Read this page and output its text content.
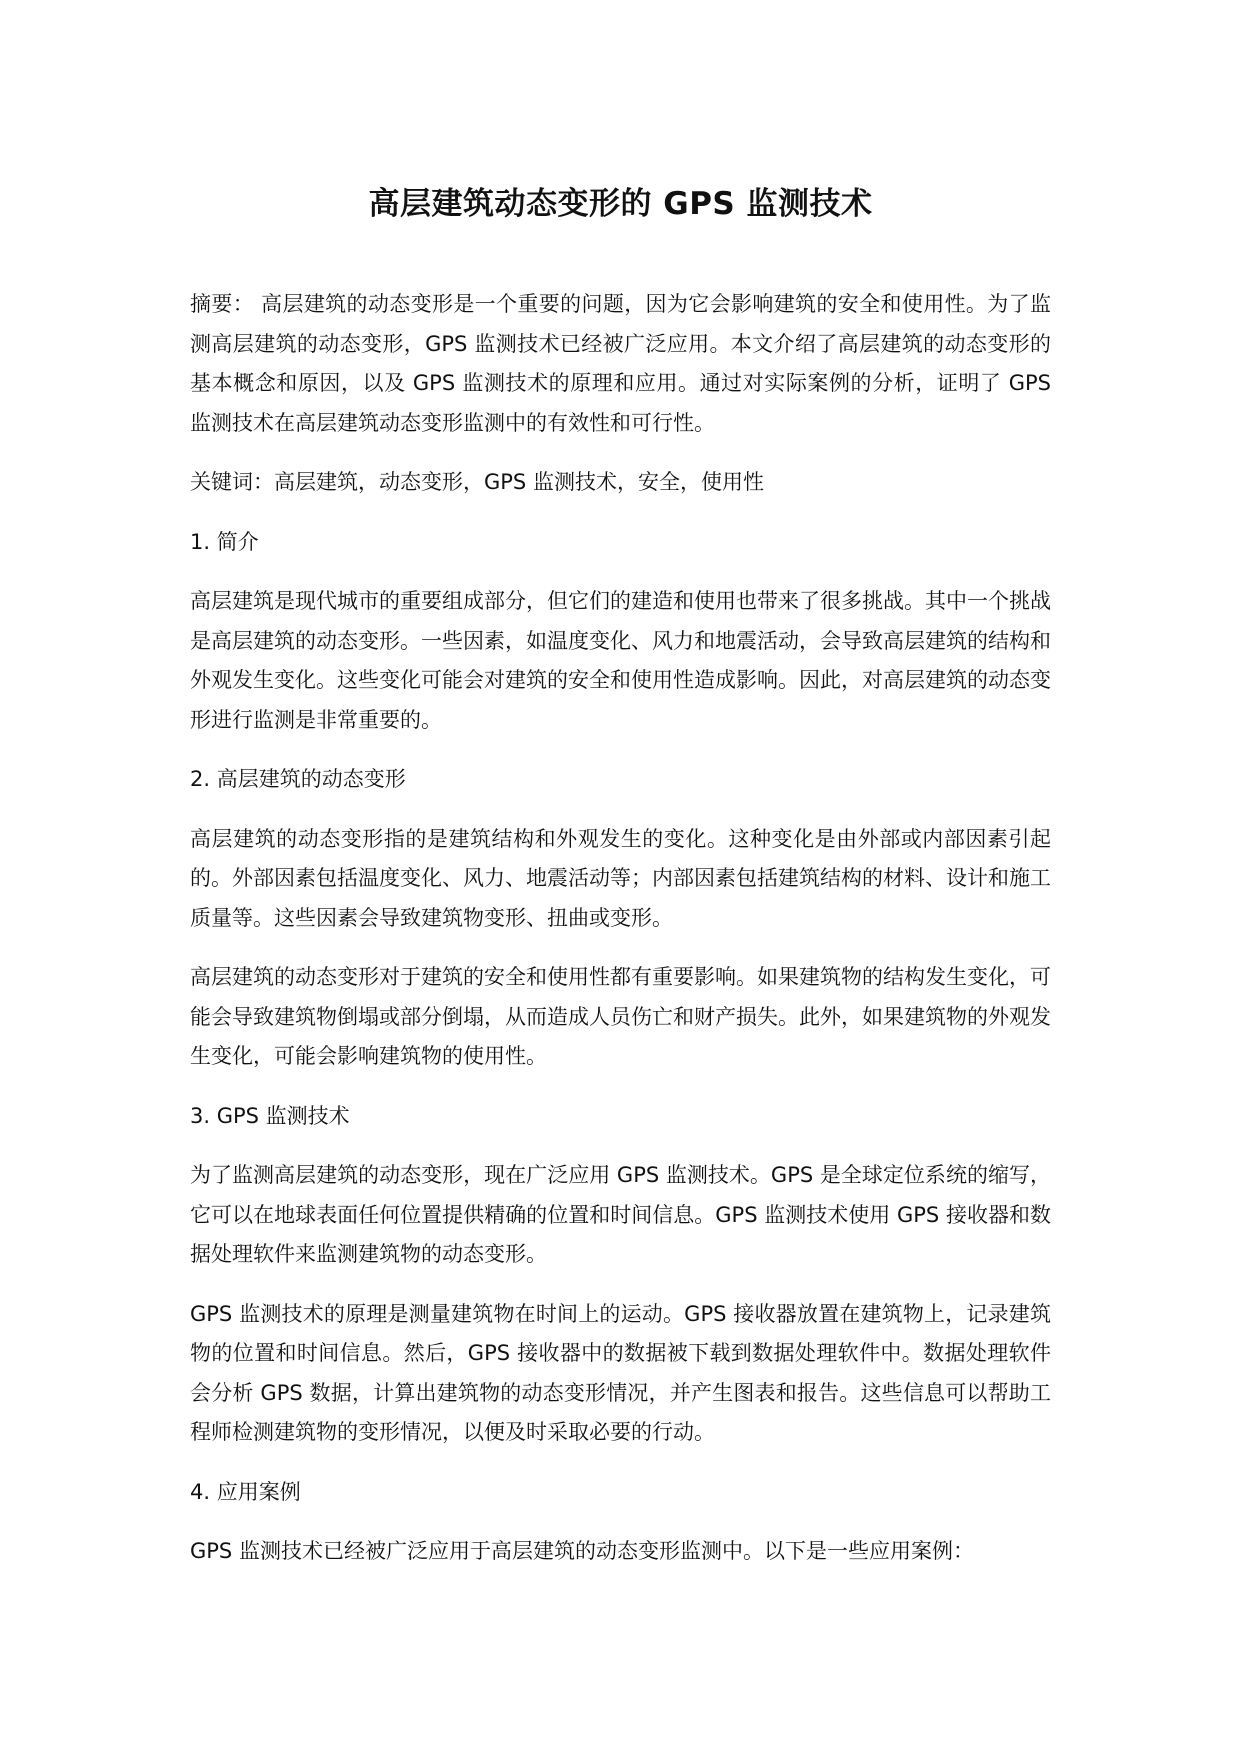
高层建筑动态变形的 GPS 监测技术

摘要： 高层建筑的动态变形是一个重要的问题，因为它会影响建筑的安全和使用性。为了监测高层建筑的动态变形，GPS 监测技术已经被广泛应用。本文介绍了高层建筑的动态变形的基本概念和原因，以及 GPS 监测技术的原理和应用。通过对实际案例的分析，证明了 GPS 监测技术在高层建筑动态变形监测中的有效性和可行性。

关键词：高层建筑，动态变形，GPS 监测技术，安全，使用性

1. 简介

高层建筑是现代城市的重要组成部分，但它们的建造和使用也带来了很多挑战。其中一个挑战是高层建筑的动态变形。一些因素，如温度变化、风力和地震活动，会导致高层建筑的结构和外观发生变化。这些变化可能会对建筑的安全和使用性造成影响。因此，对高层建筑的动态变形进行监测是非常重要的。

2. 高层建筑的动态变形

高层建筑的动态变形指的是建筑结构和外观发生的变化。这种变化是由外部或内部因素引起的。外部因素包括温度变化、风力、地震活动等；内部因素包括建筑结构的材料、设计和施工质量等。这些因素会导致建筑物变形、扭曲或变形。

高层建筑的动态变形对于建筑的安全和使用性都有重要影响。如果建筑物的结构发生变化，可能会导致建筑物倒塌或部分倒塌，从而造成人员伤亡和财产损失。此外，如果建筑物的外观发生变化，可能会影响建筑物的使用性。

3. GPS 监测技术

为了监测高层建筑的动态变形，现在广泛应用 GPS 监测技术。GPS 是全球定位系统的缩写，它可以在地球表面任何位置提供精确的位置和时间信息。GPS 监测技术使用 GPS 接收器和数据处理软件来监测建筑物的动态变形。

GPS 监测技术的原理是测量建筑物在时间上的运动。GPS 接收器放置在建筑物上，记录建筑物的位置和时间信息。然后，GPS 接收器中的数据被下载到数据处理软件中。数据处理软件会分析 GPS 数据，计算出建筑物的动态变形情况，并产生图表和报告。这些信息可以帮助工程师检测建筑物的变形情况，以便及时采取必要的行动。

4. 应用案例

GPS 监测技术已经被广泛应用于高层建筑的动态变形监测中。以下是一些应用案例：
